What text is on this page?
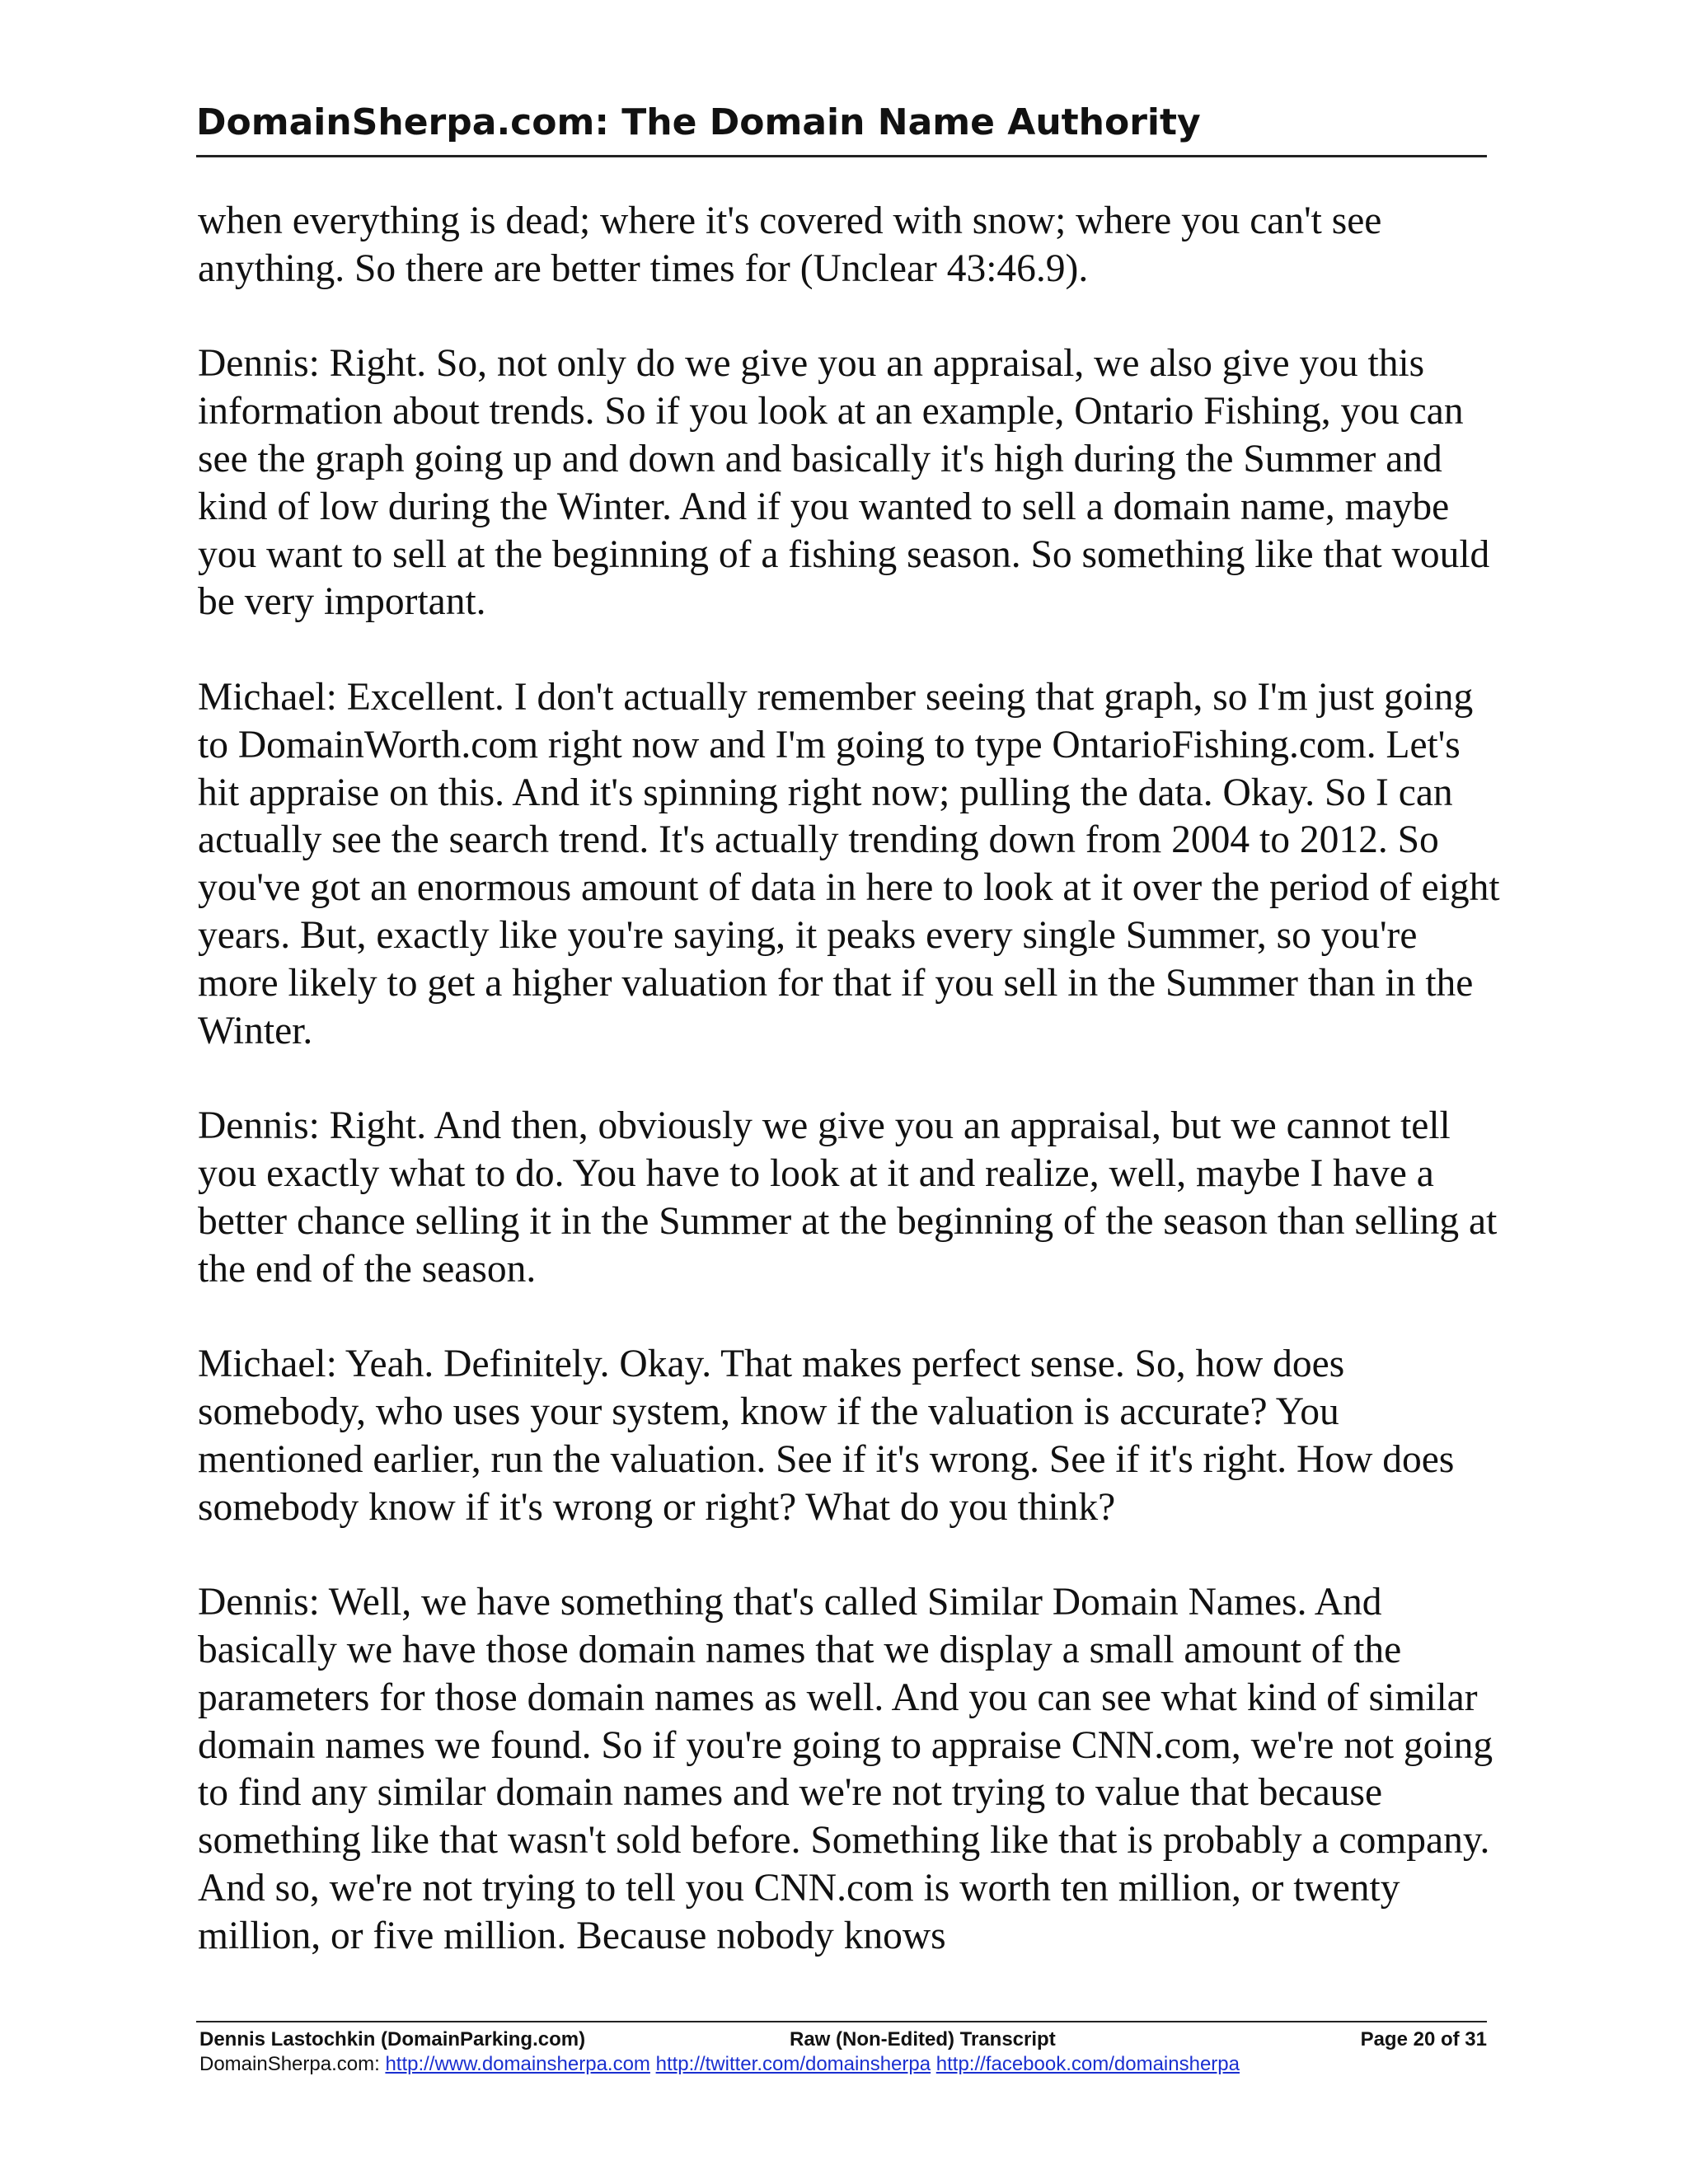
DomainSherpa.com: The Domain Name Authority

when everything is dead; where it's covered with snow; where you can't see anything. So there are better times for (Unclear 43:46.9).

Dennis: Right. So, not only do we give you an appraisal, we also give you this information about trends. So if you look at an example, Ontario Fishing, you can see the graph going up and down and basically it's high during the Summer and kind of low during the Winter. And if you wanted to sell a domain name, maybe you want to sell at the beginning of a fishing season. So something like that would be very important.

Michael: Excellent. I don't actually remember seeing that graph, so I'm just going to DomainWorth.com right now and I'm going to type OntarioFishing.com. Let's hit appraise on this. And it's spinning right now; pulling the data. Okay. So I can actually see the search trend. It's actually trending down from 2004 to 2012. So you've got an enormous amount of data in here to look at it over the period of eight years. But, exactly like you're saying, it peaks every single Summer, so you're more likely to get a higher valuation for that if you sell in the Summer than in the Winter.

Dennis: Right. And then, obviously we give you an appraisal, but we cannot tell you exactly what to do. You have to look at it and realize, well, maybe I have a better chance selling it in the Summer at the beginning of the season than selling at the end of the season.

Michael: Yeah. Definitely. Okay. That makes perfect sense. So, how does somebody, who uses your system, know if the valuation is accurate? You mentioned earlier, run the valuation. See if it's wrong. See if it's right. How does somebody know if it's wrong or right? What do you think?

Dennis: Well, we have something that's called Similar Domain Names. And basically we have those domain names that we display a small amount of the parameters for those domain names as well. And you can see what kind of similar domain names we found. So if you're going to appraise CNN.com, we're not going to find any similar domain names and we're not trying to value that because something like that wasn't sold before. Something like that is probably a company. And so, we're not trying to tell you CNN.com is worth ten million, or twenty million, or five million. Because nobody knows

Dennis Lastochkin (DomainParking.com)	Raw (Non-Edited) Transcript	Page 20 of 31
DomainSherpa.com: http://www.domainsherpa.com http://twitter.com/domainsherpa http://facebook.com/domainsherpa
